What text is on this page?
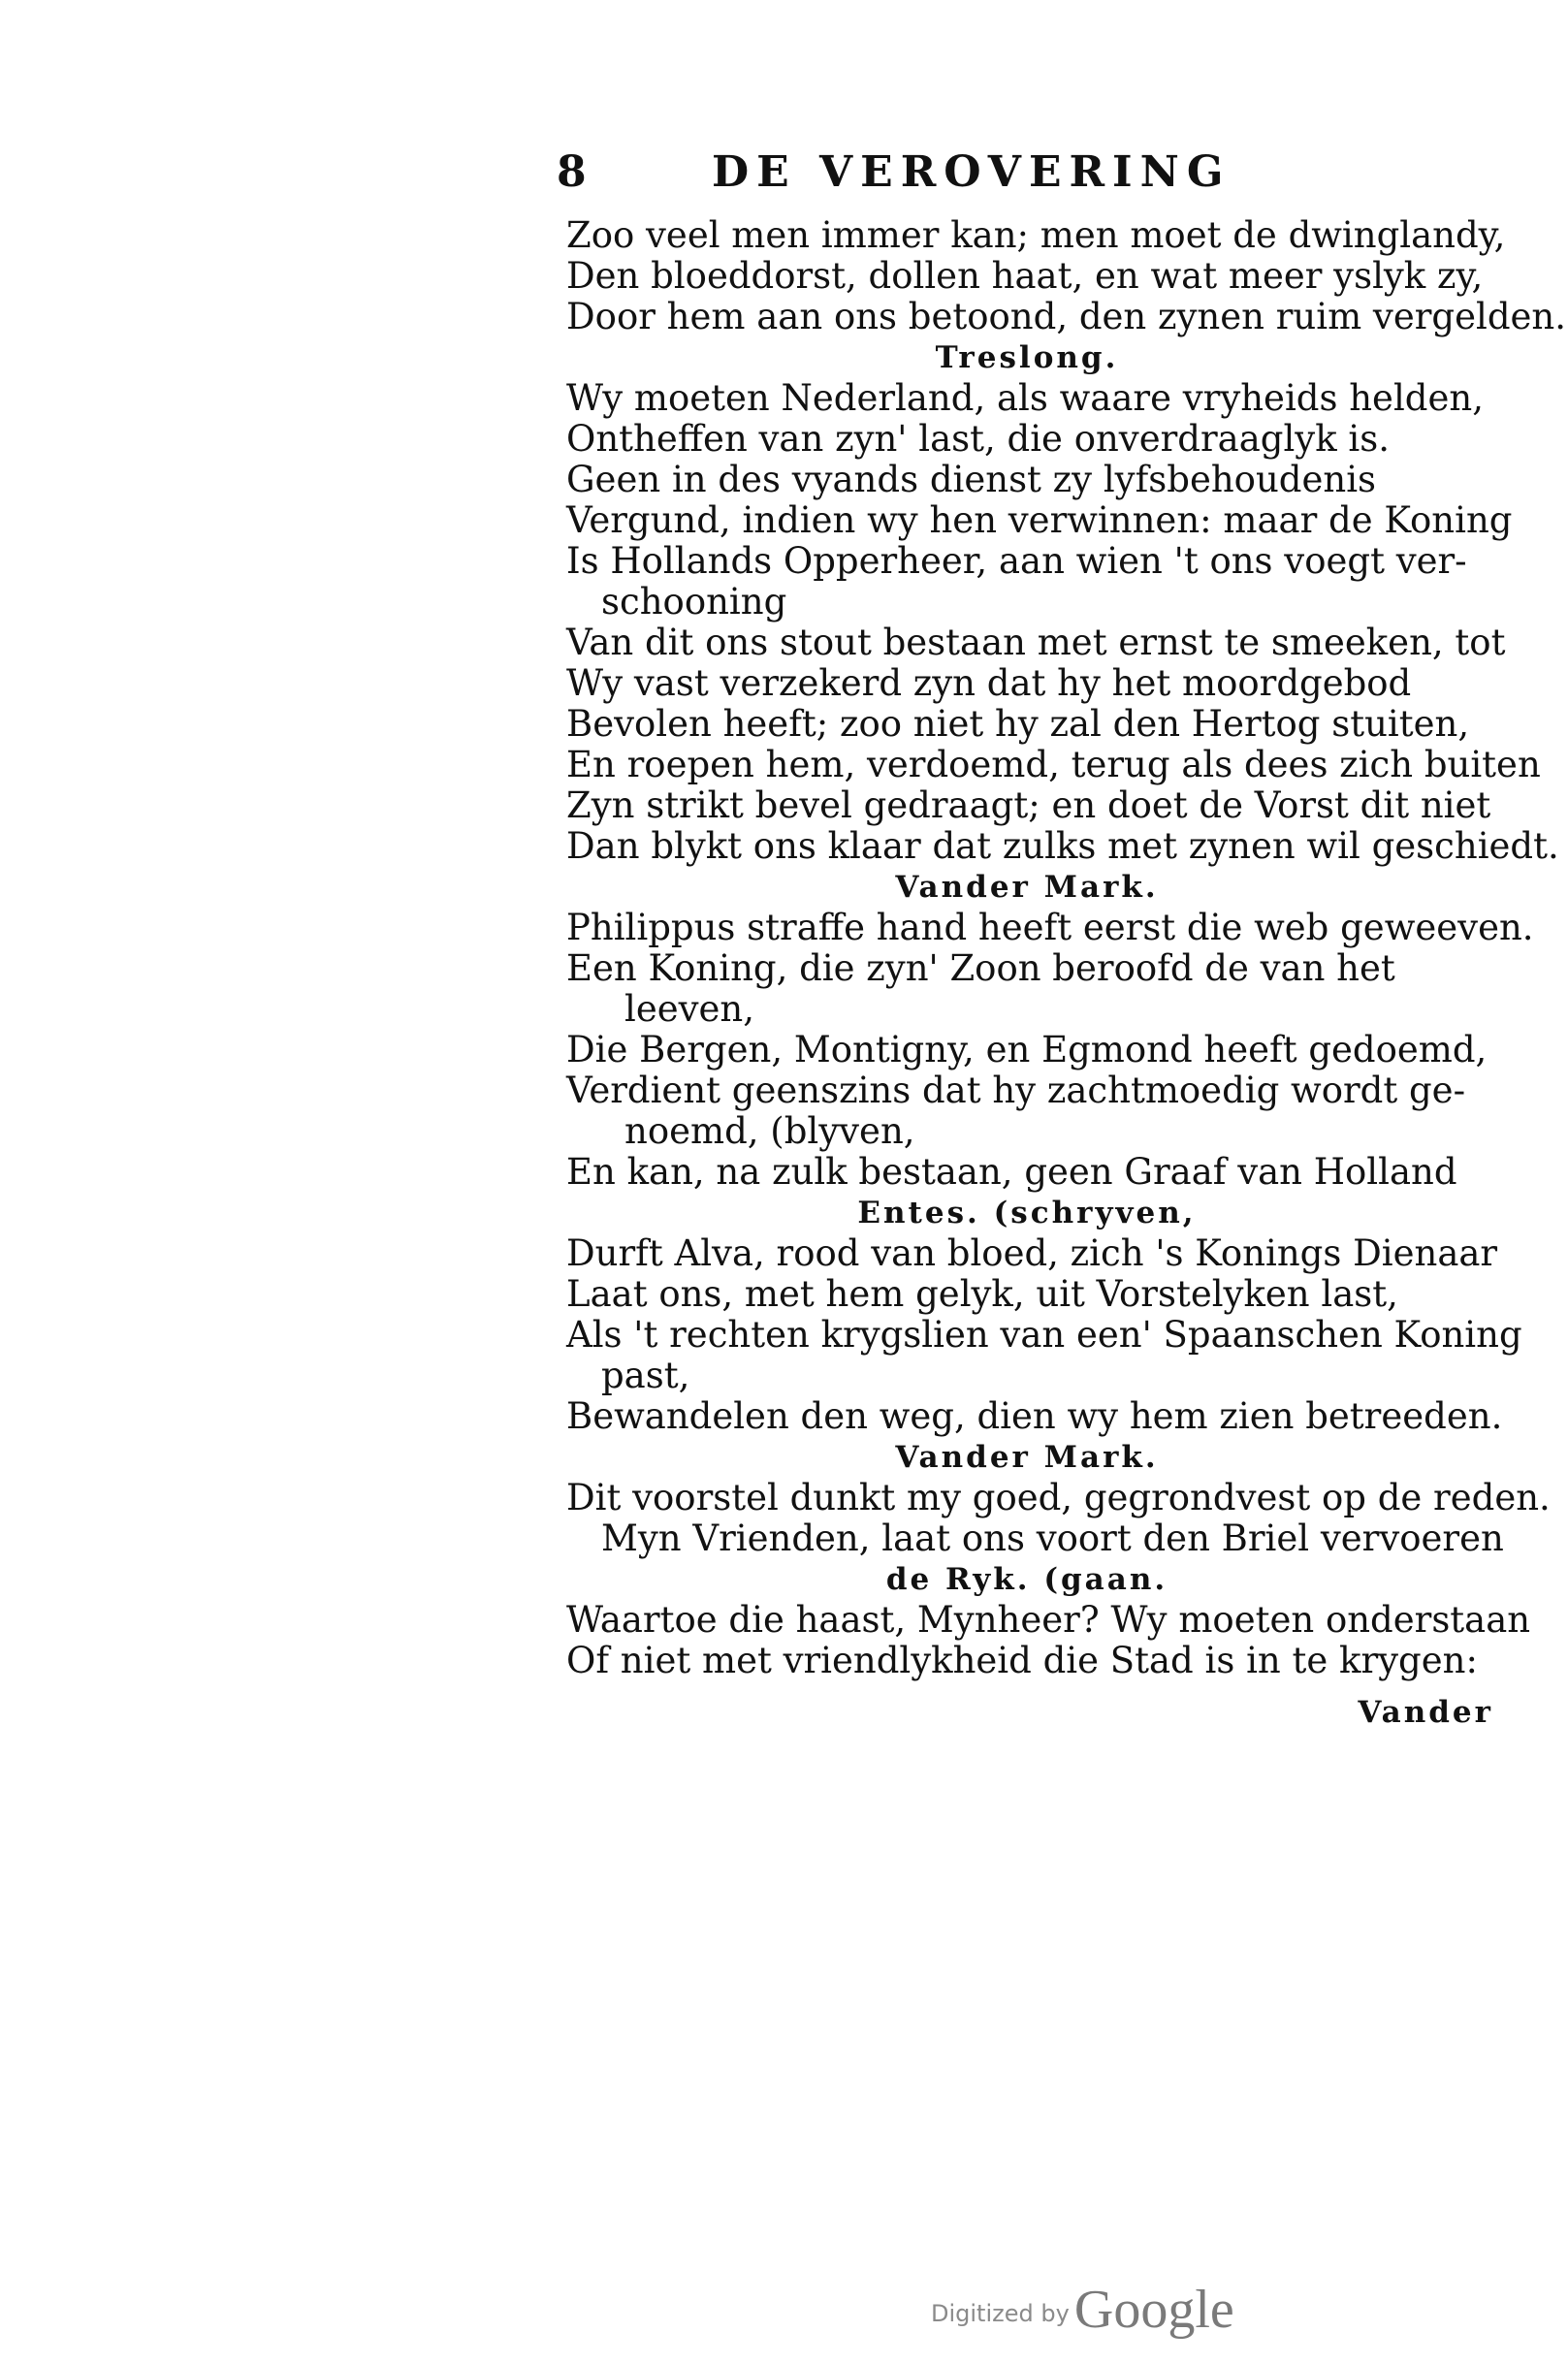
8	DE VEROVERING
Zoo veel men immer kan; men moet de dwinglandy,
Den bloeddorst, dollen haat, en wat meer yslyk zy,
Door hem aan ons betoond, den zynen ruim vergelden.
Treslong.
Wy moeten Nederland, als waare vryheids helden,
Ontheffen van zyn' last, die onverdraaglyk is.
Geen in des vyands dienst zy lyfsbehoudenis
Vergund, indien wy hen verwinnen: maar de Koning
Is Hollands Opperheer, aan wien 't ons voegt ver-
schooning
Van dit ons stout bestaan met ernst te smeeken, tot
Wy vast verzekerd zyn dat hy het moordgebod
Bevolen heeft; zoo niet hy zal den Hertog stuiten,
En roepen hem, verdoemd, terug als dees zich buiten
Zyn strikt bevel gedraagt; en doet de Vorst dit niet
Dan blykt ons klaar dat zulks met zynen wil geschiedt.
Vander Mark.
Philippus straffe hand heeft eerst die web geweeven.
Een Koning, die zyn' Zoon beroofd de van het
leeven,
Die Bergen, Montigny, en Egmond heeft gedoemd,
Verdient geenszins dat hy zachtmoedig wordt ge-
noemd, (blyven,
En kan, na zulk bestaan, geen Graaf van Holland
Entes. (schryven,
Durft Alva, rood van bloed, zich 's Konings Dienaar
Laat ons, met hem gelyk, uit Vorstelyken last,
Als 't rechten krygslien van een' Spaanschen Koning
past,
Bewandelen den weg, dien wy hem zien betreeden.
Vander Mark.
Dit voorstel dunkt my goed, gegrondvest op de reden.
Myn Vrienden, laat ons voort den Briel vervoeren
de Ryk. (gaan.
Waartoe die haast, Mynheer? Wy moeten onderstaan
Of niet met vriendlykheid die Stad is in te krygen:
Vander
Digitized by Google
